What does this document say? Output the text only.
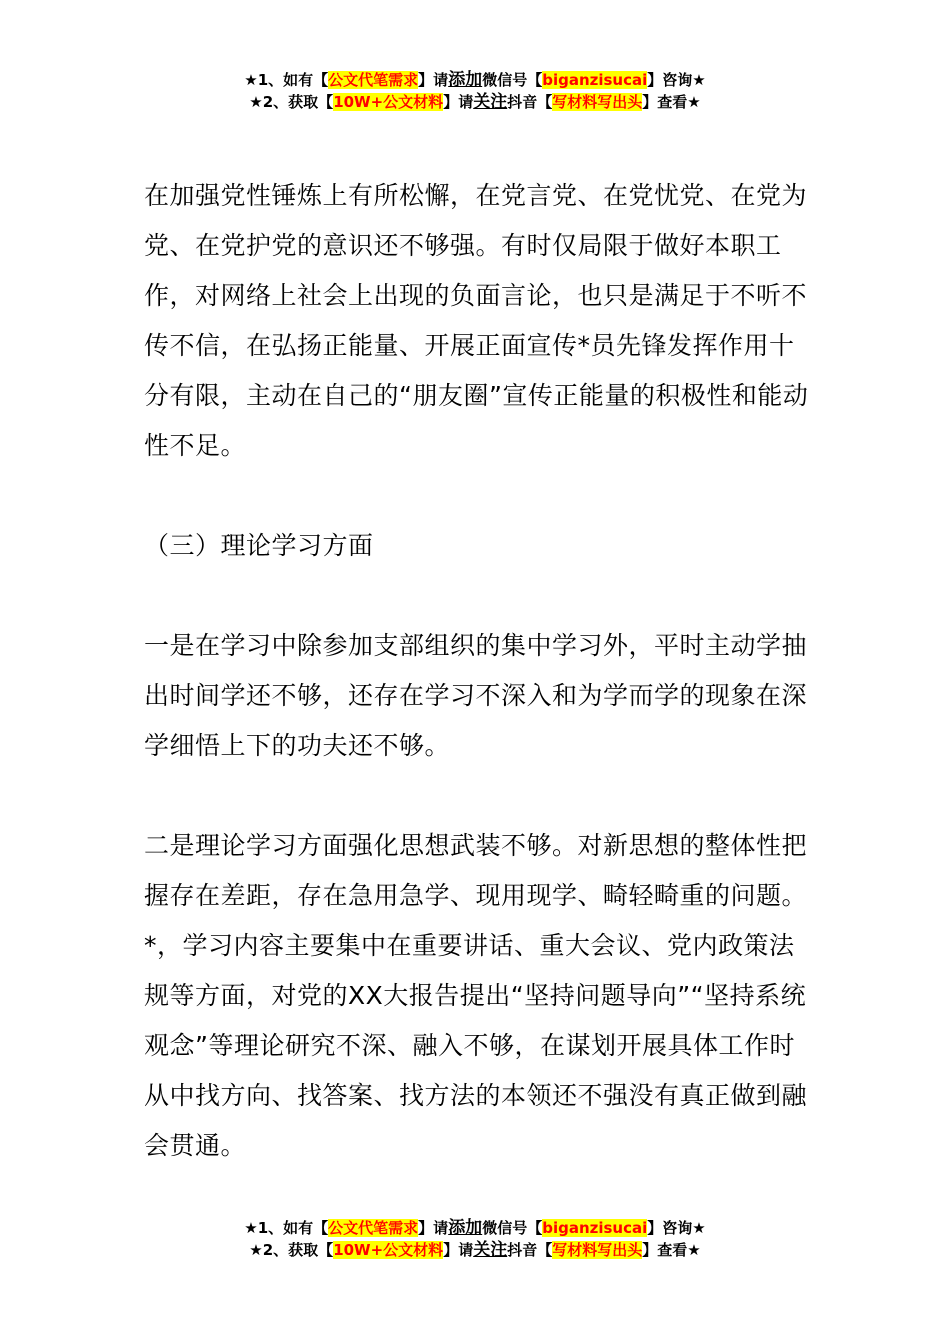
★1、如有【公文代笔需求】请添加微信号【biganzisucai】咨询★
★2、获取【10W+公文材料】请关注抖音【写材料写出头】查看★

在加强党性锤炼上有所松懈，在党言党、在党忧党、在党为党、在党护党的意识还不够强。有时仅局限于做好本职工作，对网络上社会上出现的负面言论，也只是满足于不听不传不信，在弘扬正能量、开展正面宣传*员先锋发挥作用十分有限，主动在自己的“朋友圈”宣传正能量的积极性和能动性不足。

（三）理论学习方面

一是在学习中除参加支部组织的集中学习外，平时主动学抽出时间学还不够，还存在学习不深入和为学而学的现象在深学细悟上下的功夫还不够。

二是理论学习方面强化思想武装不够。对新思想的整体性把握存在差距，存在急用急学、现用现学、畸轻畸重的问题。*，学习内容主要集中在重要讲话、重大会议、党内政策法规等方面，对党的XX大报告提出“坚持问题导向”“坚持系统观念”等理论研究不深、融入不够，在谋划开展具体工作时从中找方向、找答案、找方法的本领还不强没有真正做到融会贯通。

★1、如有【公文代笔需求】请添加微信号【biganzisucai】咨询★
★2、获取【10W+公文材料】请关注抖音【写材料写出头】查看★
